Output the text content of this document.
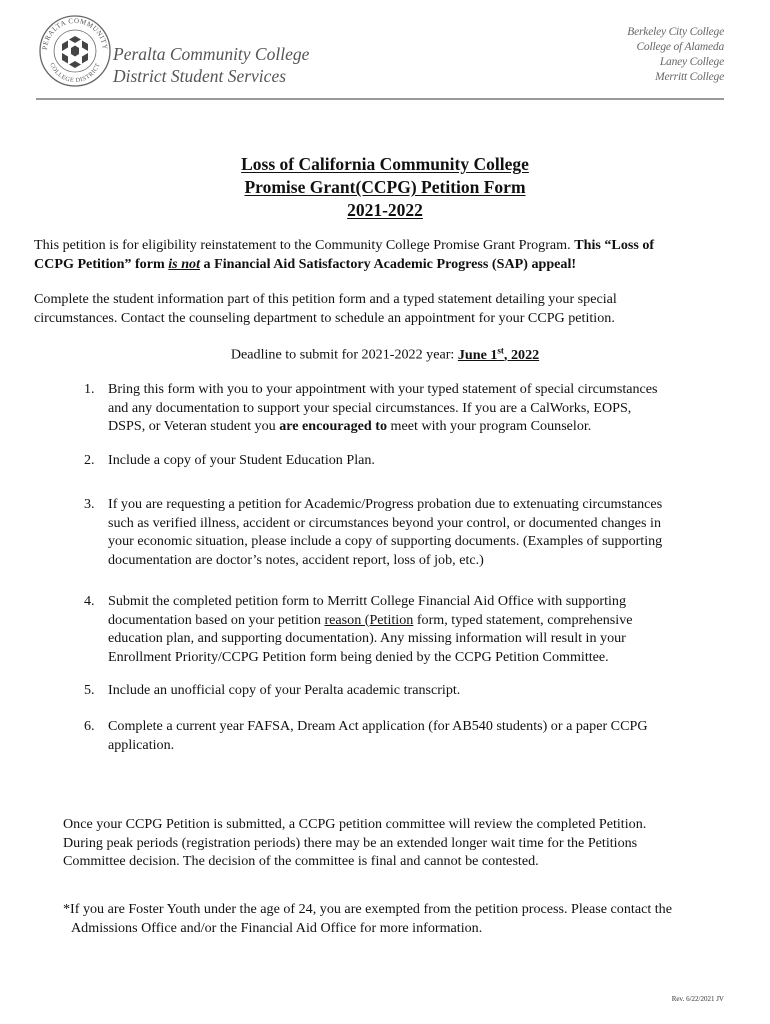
PERALTA COMMUNITY
COLLEGE DISTRICT
Peralta Community College
District Student Services
Berkeley City College
College of Alameda
Laney College
Merritt College
Loss of California Community College
Promise Grant(CCPG) Petition Form
2021-2022
This petition is for eligibility reinstatement to the Community College Promise Grant Program. This “Loss of
CCPG Petition” form is not a Financial Aid Satisfactory Academic Progress (SAP) appeal!
Complete the student information part of this petition form and a typed statement detailing your special
circumstances. Contact the counseling department to schedule an appointment for your CCPG petition.
Deadline to submit for 2021-2022 year: June 1st, 2022
1. Bring this form with you to your appointment with your typed statement of special circumstances
and any documentation to support your special circumstances. If you are a CalWorks, EOPS,
DSPS, or Veteran student you are encouraged to meet with your program Counselor.
2. Include a copy of your Student Education Plan.
3. If you are requesting a petition for Academic/Progress probation due to extenuating circumstances
such as verified illness, accident or circumstances beyond your control, or documented changes in
your economic situation, please include a copy of supporting documents. (Examples of supporting
documentation are doctor’s notes, accident report, loss of job, etc.)
4. Submit the completed petition form to Merritt College Financial Aid Office with supporting
documentation based on your petition reason (Petition form, typed statement, comprehensive
education plan, and supporting documentation). Any missing information will result in your
Enrollment Priority/CCPG Petition form being denied by the CCPG Petition Committee.
5. Include an unofficial copy of your Peralta academic transcript.
6. Complete a current year FAFSA, Dream Act application (for AB540 students) or a paper CCPG
application.
Once your CCPG Petition is submitted, a CCPG petition committee will review the completed Petition.
During peak periods (registration periods) there may be an extended longer wait time for the Petitions
Committee decision. The decision of the committee is final and cannot be contested.
*If you are Foster Youth under the age of 24, you are exempted from the petition process. Please contact the
Admissions Office and/or the Financial Aid Office for more information.
Rev. 6/22/2021 JV
